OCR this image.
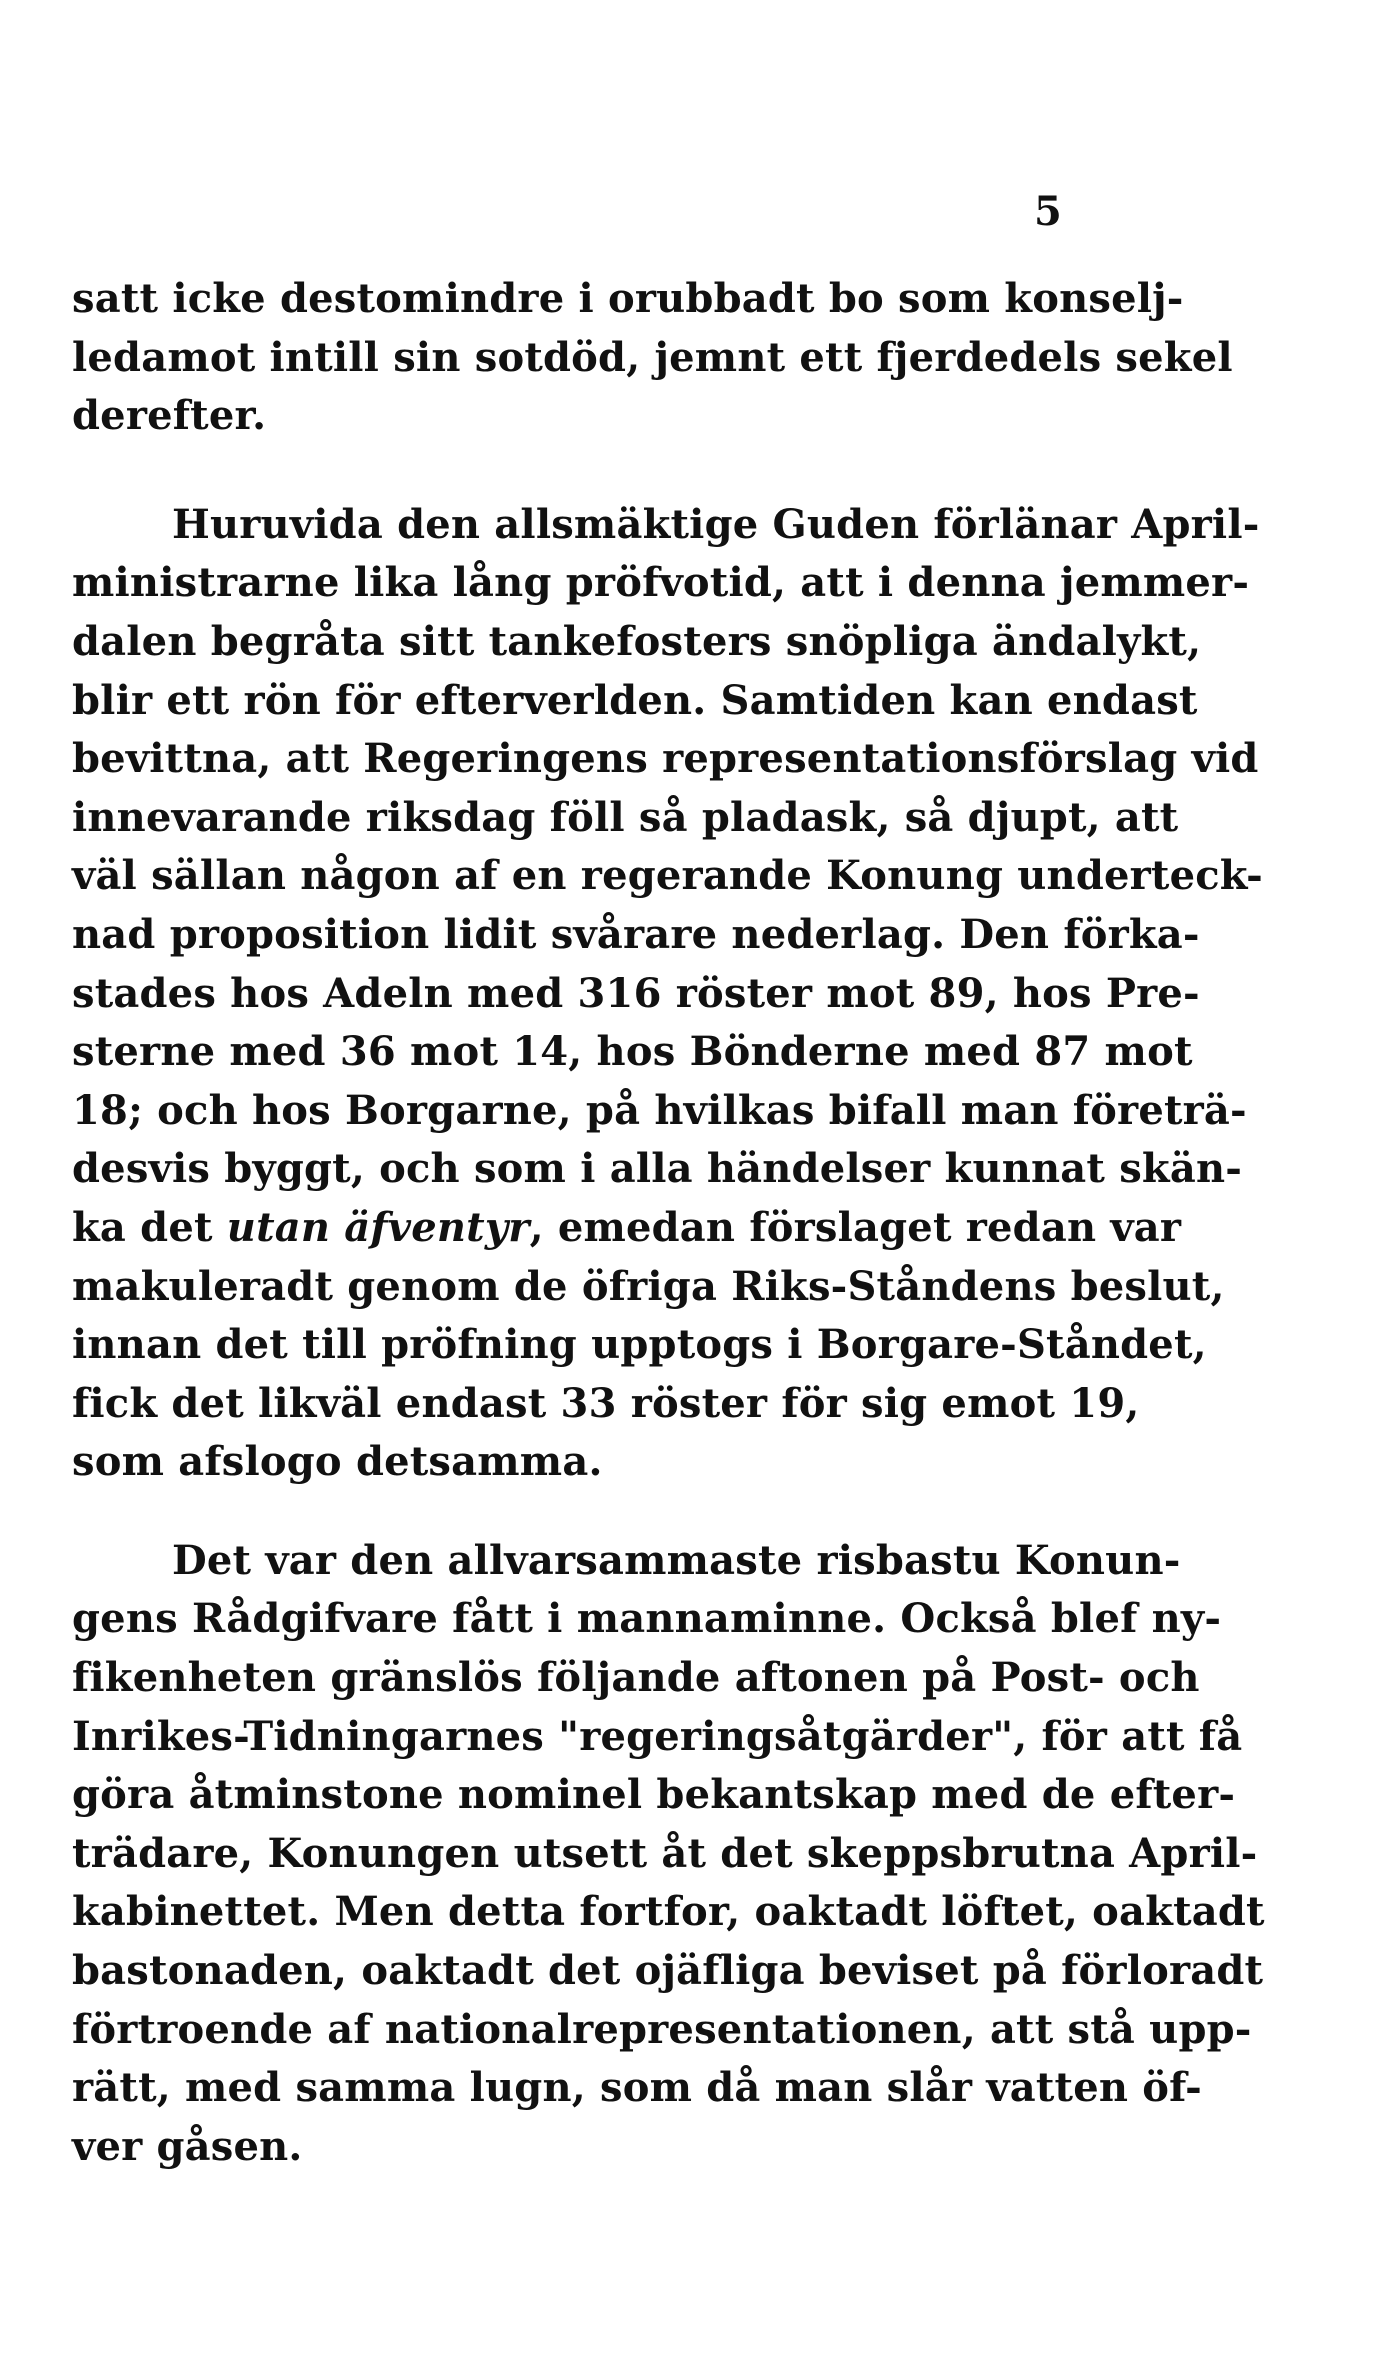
5
satt icke destomindre i orubbadt bo som konselj-
ledamot intill sin sotdöd, jemnt ett fjerdedels sekel
derefter.
Huruvida den allsmäktige Guden förlänar April-
ministrarne lika lång pröfvotid, att i denna jemmer-
dalen begråta sitt tankefosters snöpliga ändalykt,
blir ett rön för efterverlden. Samtiden kan endast
bevittna, att Regeringens representationsförslag vid
innevarande riksdag föll så pladask, så djupt, att
väl sällan någon af en regerande Konung underteck-
nad proposition lidit svårare nederlag. Den förka-
stades hos Adeln med 316 röster mot 89, hos Pre-
sterne med 36 mot 14, hos Bönderne med 87 mot
18; och hos Borgarne, på hvilkas bifall man företrä-
desvis byggt, och som i alla händelser kunnat skän-
ka det utan äfventyr, emedan förslaget redan var
makuleradt genom de öfriga Riks-Ståndens beslut,
innan det till pröfning upptogs i Borgare-Ståndet,
fick det likväl endast 33 röster för sig emot 19,
som afslogo detsamma.
Det var den allvarsammaste risbastu Konun-
gens Rådgifvare fått i mannaminne. Också blef ny-
fikenheten gränslös följande aftonen på Post- och
Inrikes-Tidningarnes "regeringsåtgärder", för att få
göra åtminstone nominel bekantskap med de efter-
trädare, Konungen utsett åt det skeppsbrutna April-
kabinettet. Men detta fortfor, oaktadt löftet, oaktadt
bastonaden, oaktadt det ojäfliga beviset på förloradt
förtroende af nationalrepresentationen, att stå upp-
rätt, med samma lugn, som då man slår vatten öf-
ver gåsen.
